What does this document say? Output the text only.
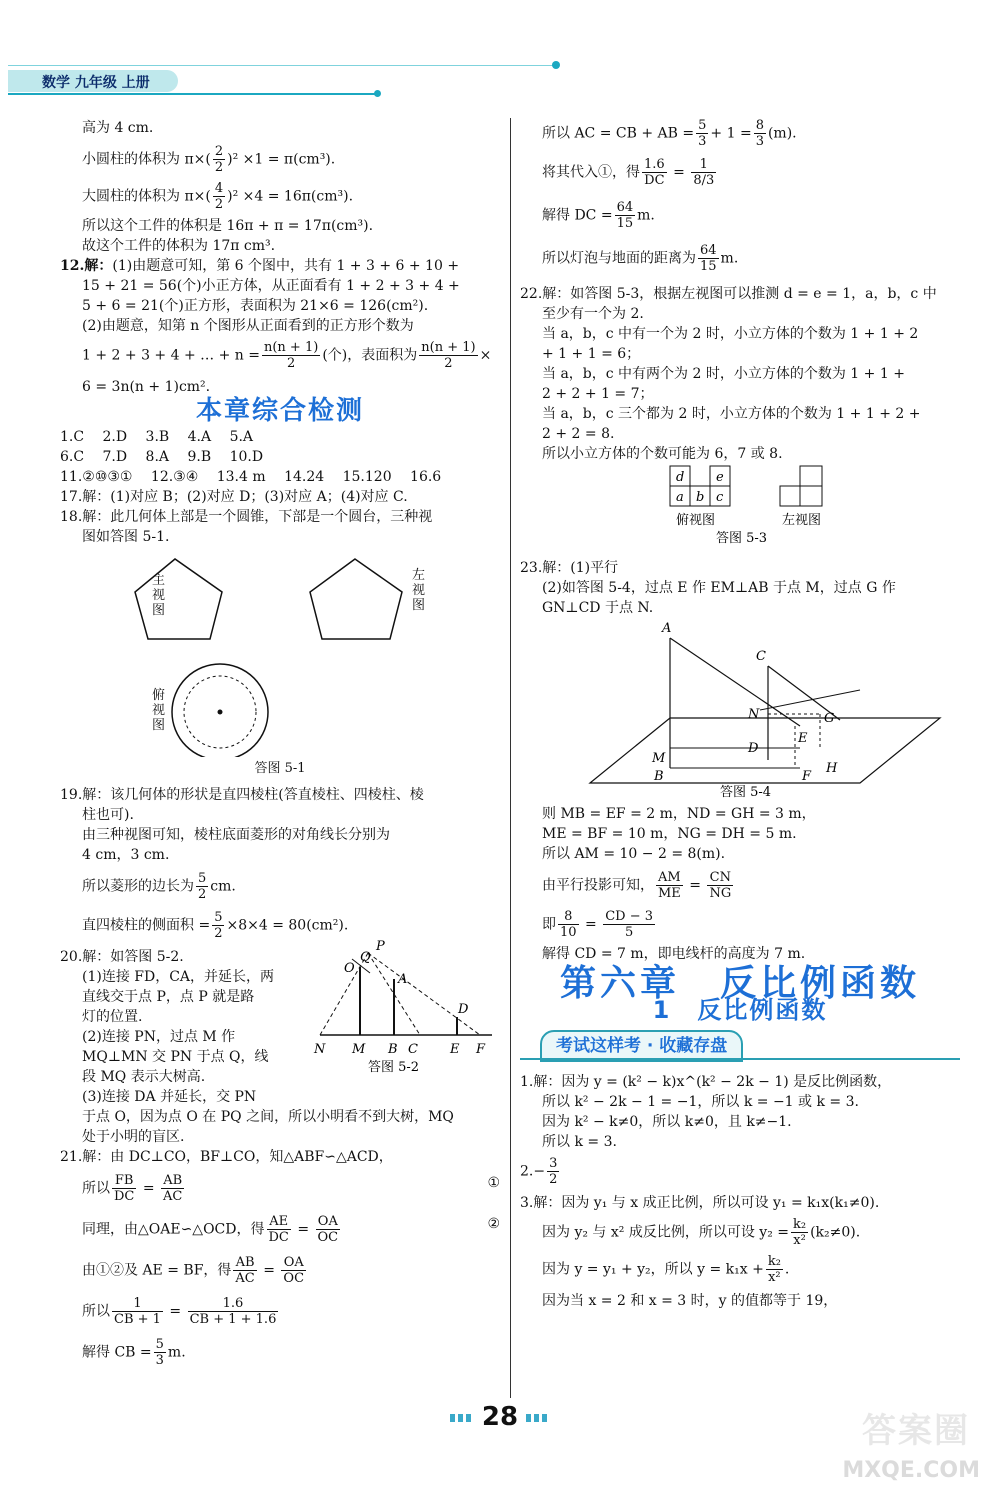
数学 九年级 上册

高为 4 cm.

小圆柱的体积为 $\pi\times( \frac{2}{2} )^2 \times 1 = \pi(cm^3)$.

大圆柱的体积为 $\pi\times( \frac{4}{2} )^2 \times 4 = 16\pi(cm^3)$.

所以这个工件的体积是 16π + π = 17π(cm³).

故这个工件的体积为 17π cm³.

12.解：(1)由题意可知，第 6 个图中，共有 1 + 3 + 6 + 10 +

15 + 21 = 56(个)小正方体，从正面看有 1 + 2 + 3 + 4 +

5 + 6 = 21(个)正方形，表面积为 21×6 = 126(cm²).

(2)由题意，知第 n 个图形从正面看到的正方形个数为

1 + 2 + 3 + 4 + … + $n = \frac{n(n + 1)}{2}$ (个)，表面积为 $\frac{n(n + 1)}{2}$ ×

6 = 3n(n + 1)cm².

本章综合检测

1.C　 2.D　 3.B　 4.A　 5.A

6.C　 7.D　 8.A　 9.B　 10.D

11.②⑩③①　 12.③④　 13.4 m　 14.24　 15.120　 16.6

17.解：(1)对应 B；(2)对应 D；(3)对应 A；(4)对应 C.

18.解：此几何体上部是一个圆锥，下部是一个圆台，三种视

图如答图 5-1.

主视图
左视图
俯视图
答图 5-1

19.解：该几何体的形状是直四棱柱(答直棱柱、四棱柱、棱

柱也可).

由三种视图可知，棱柱底面菱形的对角线长分别为

4 cm，3 cm.

所以菱形的边长为 $\frac{5}{2}$ cm.

直四棱柱的侧面积 = $\frac{5}{2} \times 8\times 4 = 80(cm^2)$.

20.解：如答图 5-2.

(1)连接 FD，CA，并延长，两

直线交于点 P，点 P 就是路

灯的位置.

(2)连接 PN，过点 M 作

MQ⊥MN 交 PN 于点 Q，线

段 MQ 表示大树高.

(3)连接 DA 并延长，交 PN

于点 O，因为点 O 在 PQ 之间，所以小明看不到大树，MQ

处于小明的盲区.

P
Q
O
A
D
N M B C E F
答图 5-2

21.解：由 DC⊥CO，BF⊥CO，知△ABF∽△ACD，

所以 $\frac{FB}{DC} = \frac{AB}{AC}$	①

同理，由△OAE∽△OCD，得 $\frac{AE}{DC} = \frac{OA}{OC}$	②

由①②及 AE = BF，得 $\frac{AB}{AC} = \frac{OA}{OC}$

所以 $\frac{1}{CB + 1} = \frac{1.6}{CB + 1 + 1.6}$

解得 CB = $\frac{5}{3} m$.

所以 AC = CB + AB = $\frac{5}{3} + 1 = \frac{8}{3} (m)$.

将其代入①，得 $\frac{1.6}{DC} = \frac{1}{8/3}$

解得 DC = $\frac{64}{15} m$.

所以灯泡与地面的距离为 $\frac{64}{15} m$.

22.解：如答图 5-3，根据左视图可以推测 d = e = 1，a，b，c 中

至少有一个为 2.

当 a，b，c 中有一个为 2 时，小立方体的个数为 1 + 1 + 2

+ 1 + 1 = 6；

当 a，b，c 中有两个为 2 时，小立方体的个数为 1 + 1 +

2 + 2 + 1 = 7；

当 a，b，c 三个都为 2 时，小立方体的个数为 1 + 1 + 2 +

2 + 2 = 8.

所以小立方体的个数可能为 6，7 或 8.

d e
a b c
俯视图	左视图
答图 5-3

23.解：(1)平行

(2)如答图 5-4，过点 E 作 EM⊥AB 于点 M，过点 G 作

GN⊥CD 于点 N.

A
C
N	G
M
D
E
B	F
H
答图 5-4

则 MB = EF = 2 m，ND = GH = 3 m，

ME = BF = 10 m，NG = DH = 5 m.

所以 AM = 10 − 2 = 8(m).

由平行投影可知， $\frac{AM}{ME} = \frac{CN}{NG}$

即 $\frac{8}{10} = \frac{CD - 3}{5}$

解得 CD = 7 m，即电线杆的高度为 7 m.

第六章　反比例函数
1　反比例函数
考试这样考 · 收藏存盘

1.解：因为 y = (k² − k)x^(k² − 2k − 1) 是反比例函数，

所以 k² − 2k − 1 = −1，所以 k = −1 或 k = 3.

因为 k² − k≠0，所以 k≠0，且 k≠−1.

所以 k = 3.

$2.- \frac{3}{2}$

3.解：因为 y₁ 与 x 成正比例，所以可设 y₁ = k₁x(k₁≠0).

因为 y₂ 与 x² 成反比例，所以可设 $y_2 = \frac{\text{k₂}}{\text{x²}} (k_2\ne 0)$.

因为 y = y₁ + y₂，所以 $y = k_1x + \frac{\text{k₂}}{\text{x²}}$ .

因为当 x = 2 和 x = 3 时，y 的值都等于 19，

28	答案圈
MXQE.COM
